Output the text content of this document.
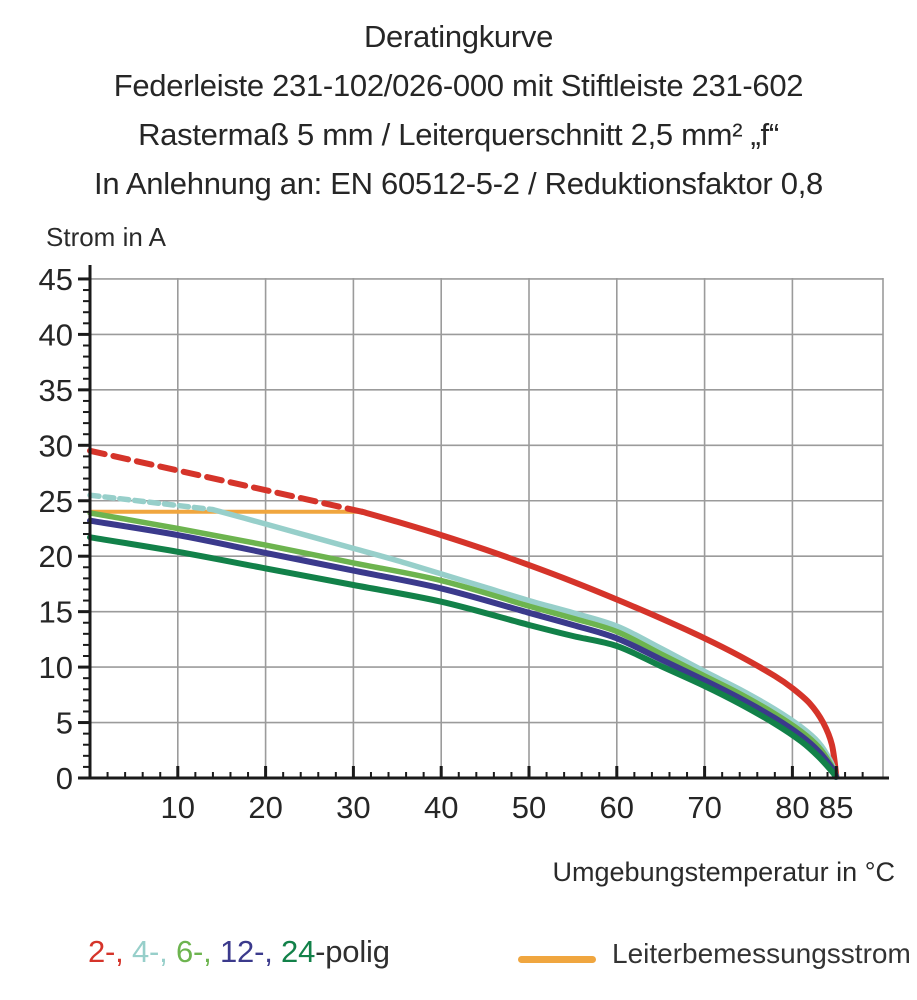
Deratingkurve
Federleiste 231-102/026-000 mit Stiftleiste 231-602
Rastermaß 5 mm / Leiterquerschnitt 2,5 mm² „f“
In Anlehnung an: EN 60512-5-2 / Reduktionsfaktor 0,8
Strom in A
0
5
10
15
20
25
30
35
40
45
10 20 30 40 50 60 70 80 85
Umgebungstemperatur in °C
2-, 4-, 6-, 12-, 24-polig	Leiterbemessungsstrom
